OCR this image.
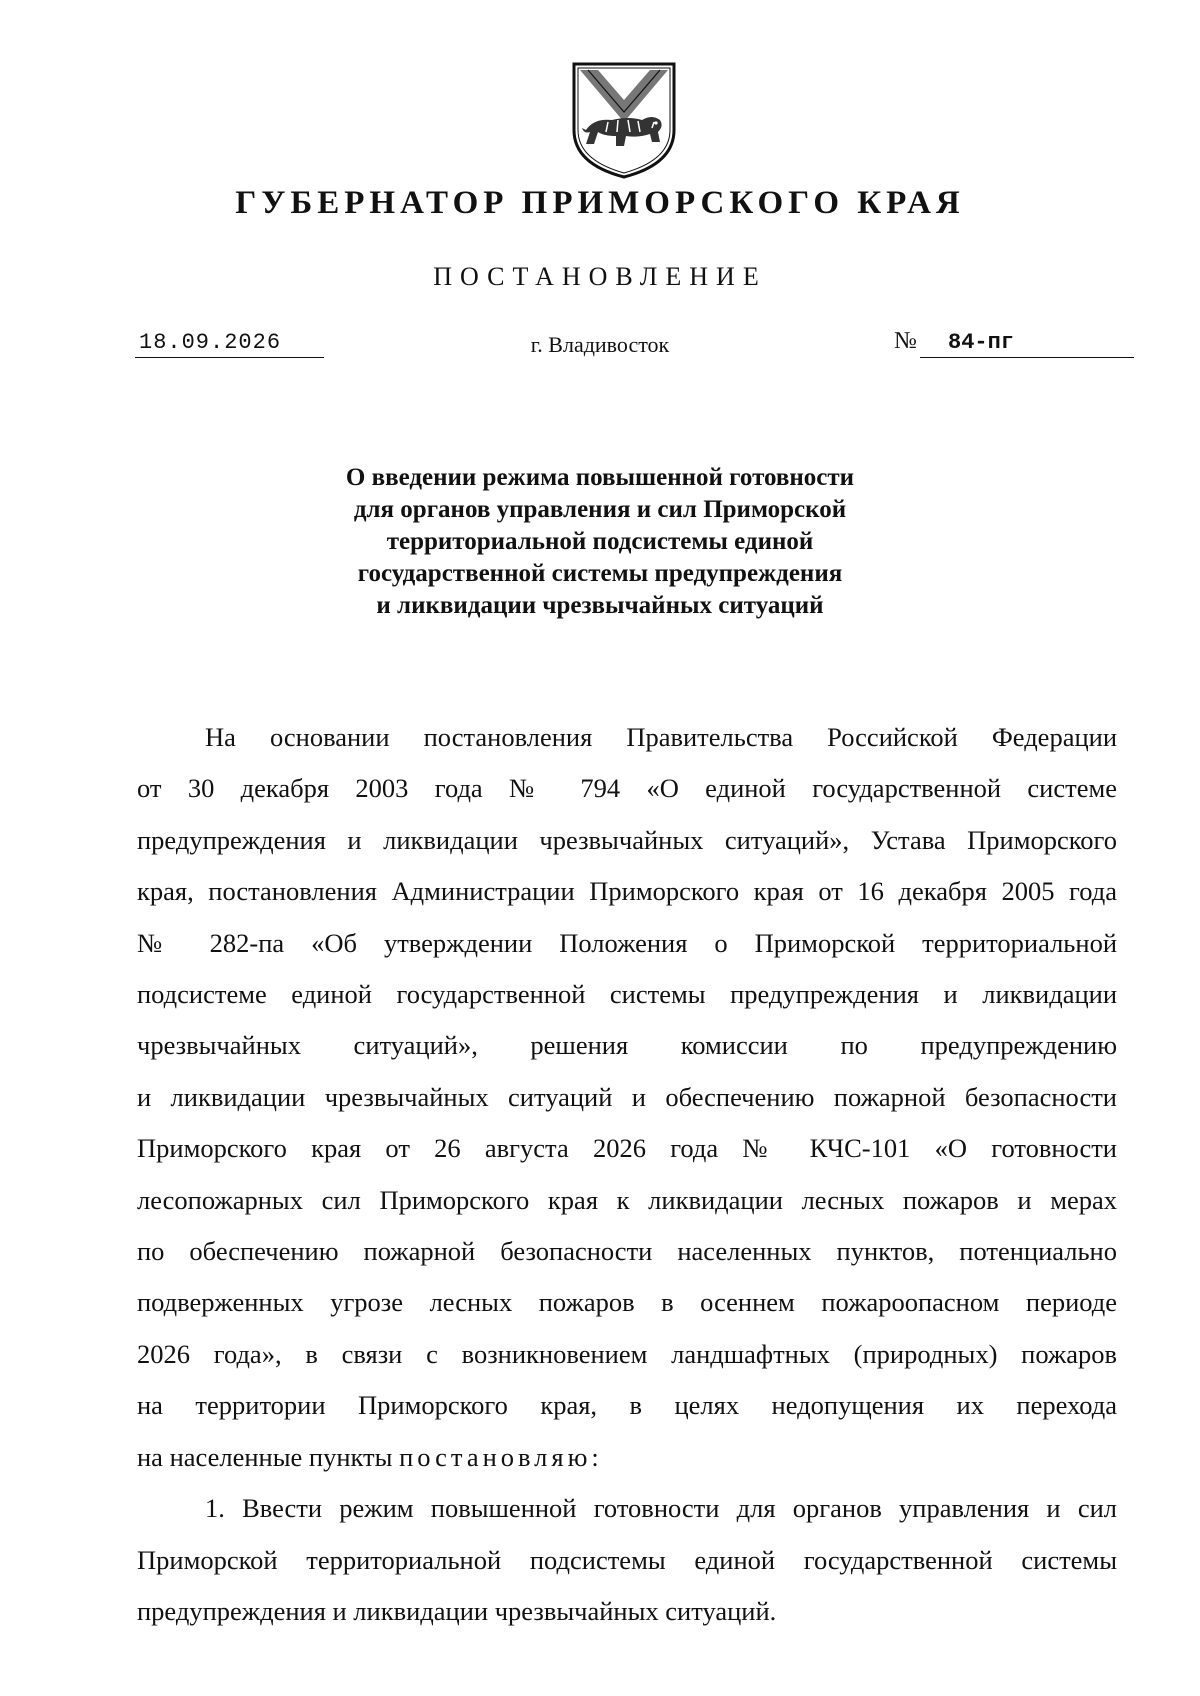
ГУБЕРНАТОР ПРИМОРСКОГО КРАЯ
ПОСТАНОВЛЕНИЕ
18.09.2026	г. Владивосток	№	84-пг
О введении режима повышенной готовности
для органов управления и сил Приморской
территориальной подсистемы единой
государственной системы предупреждения
и ликвидации чрезвычайных ситуаций
На основании постановления Правительства Российской Федерации
от 30 декабря 2003 года № 794 «О единой государственной системе
предупреждения и ликвидации чрезвычайных ситуаций», Устава Приморского
края, постановления Администрации Приморского края от 16 декабря 2005 года
№ 282-па «Об утверждении Положения о Приморской территориальной
подсистеме единой государственной системы предупреждения и ликвидации
чрезвычайных ситуаций», решения комиссии по предупреждению
и ликвидации чрезвычайных ситуаций и обеспечению пожарной безопасности
Приморского края от 26 августа 2026 года № КЧС-101 «О готовности
лесопожарных сил Приморского края к ликвидации лесных пожаров и мерах
по обеспечению пожарной безопасности населенных пунктов, потенциально
подверженных угрозе лесных пожаров в осеннем пожароопасном периоде
2026 года», в связи с возникновением ландшафтных (природных) пожаров
на территории Приморского края, в целях недопущения их перехода
на населенные пункты постановляю:
1. Ввести режим повышенной готовности для органов управления и сил
Приморской территориальной подсистемы единой государственной системы
предупреждения и ликвидации чрезвычайных ситуаций.
